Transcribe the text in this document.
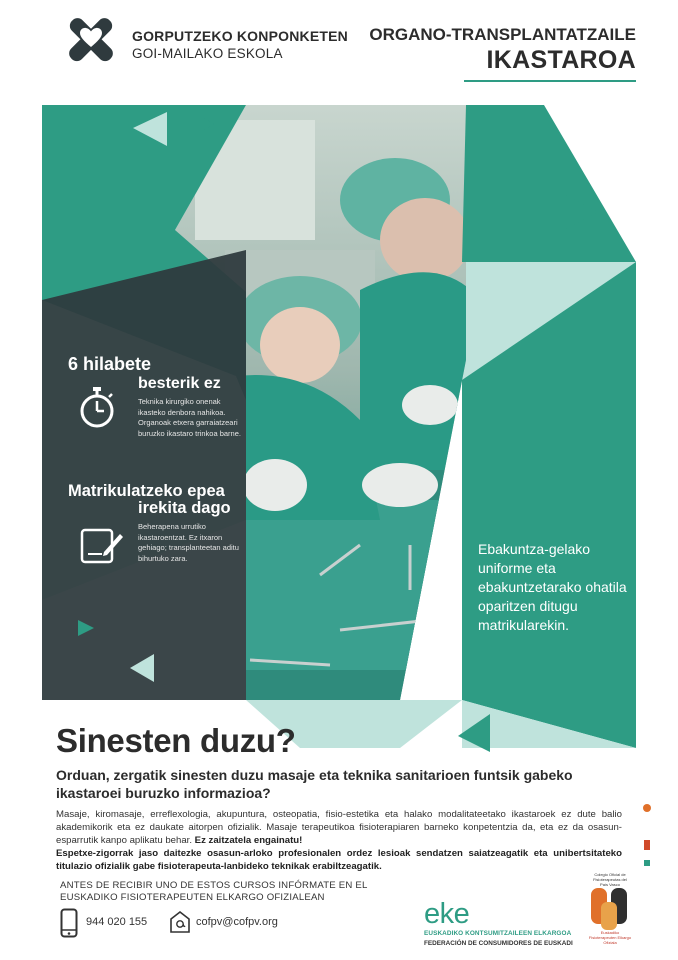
GORPUTZEKO KONPONKETEN
GOI-MAILAKO ESKOLA
ORGANO-TRANSPLANTATZAILE
IKASTAROA
6 hilabete
besterik ez
Teknika kirurgiko onenak ikasteko denbora nahikoa. Organoak etxera garraiatzeari buruzko ikastaro trinkoa barne.
Matrikulatzeko epea
irekita dago
Beherapena urrutiko ikastaroentzat. Ez itxaron gehiago; transplanteetan aditu bihurtuko zara.
Ebakuntza-gelako uniforme eta ebakuntzetarako ohatila oparitzen ditugu matrikularekin.
Sinesten duzu?
Orduan, zergatik sinesten duzu masaje eta teknika sanitarioen funtsik gabeko ikastaroei buruzko informazioa?
Masaje, kiromasaje, erreflexologia, akupuntura, osteopatia, fisio-estetika eta halako modalitateetako ikastaroek ez dute balio akademikorik eta ez daukate aitorpen ofizialik. Masaje terapeutikoa fisioterapiaren barneko konpetentzia da, eta ez da osasun-esparrutik kanpo aplikatu behar. Ez zaitzatela engainatu!
Espetxe-zigorrak jaso daitezke osasun-arloko profesionalen ordez lesioak sendatzen saiatzeagatik eta unibertsitateko titulazio ofizialik gabe fisioterapeuta-lanbideko teknikak erabiltzeagatik.
ANTES DE RECIBIR UNO DE ESTOS CURSOS INFÓRMATE EN EL EUSKADIKO FISIOTERAPEUTEN ELKARGO OFIZIALEAN
944 020 155	cofpv@cofpv.org	eke
EUSKADIKO KONTSUMITZAILEEN ELKARGOA
FEDERACIÓN DE CONSUMIDORES DE EUSKADI
Colegio Oficial de Fisioterapeutas del País Vasco
Euskadiko Fisioterapeuten Elkargo Ofiziala
